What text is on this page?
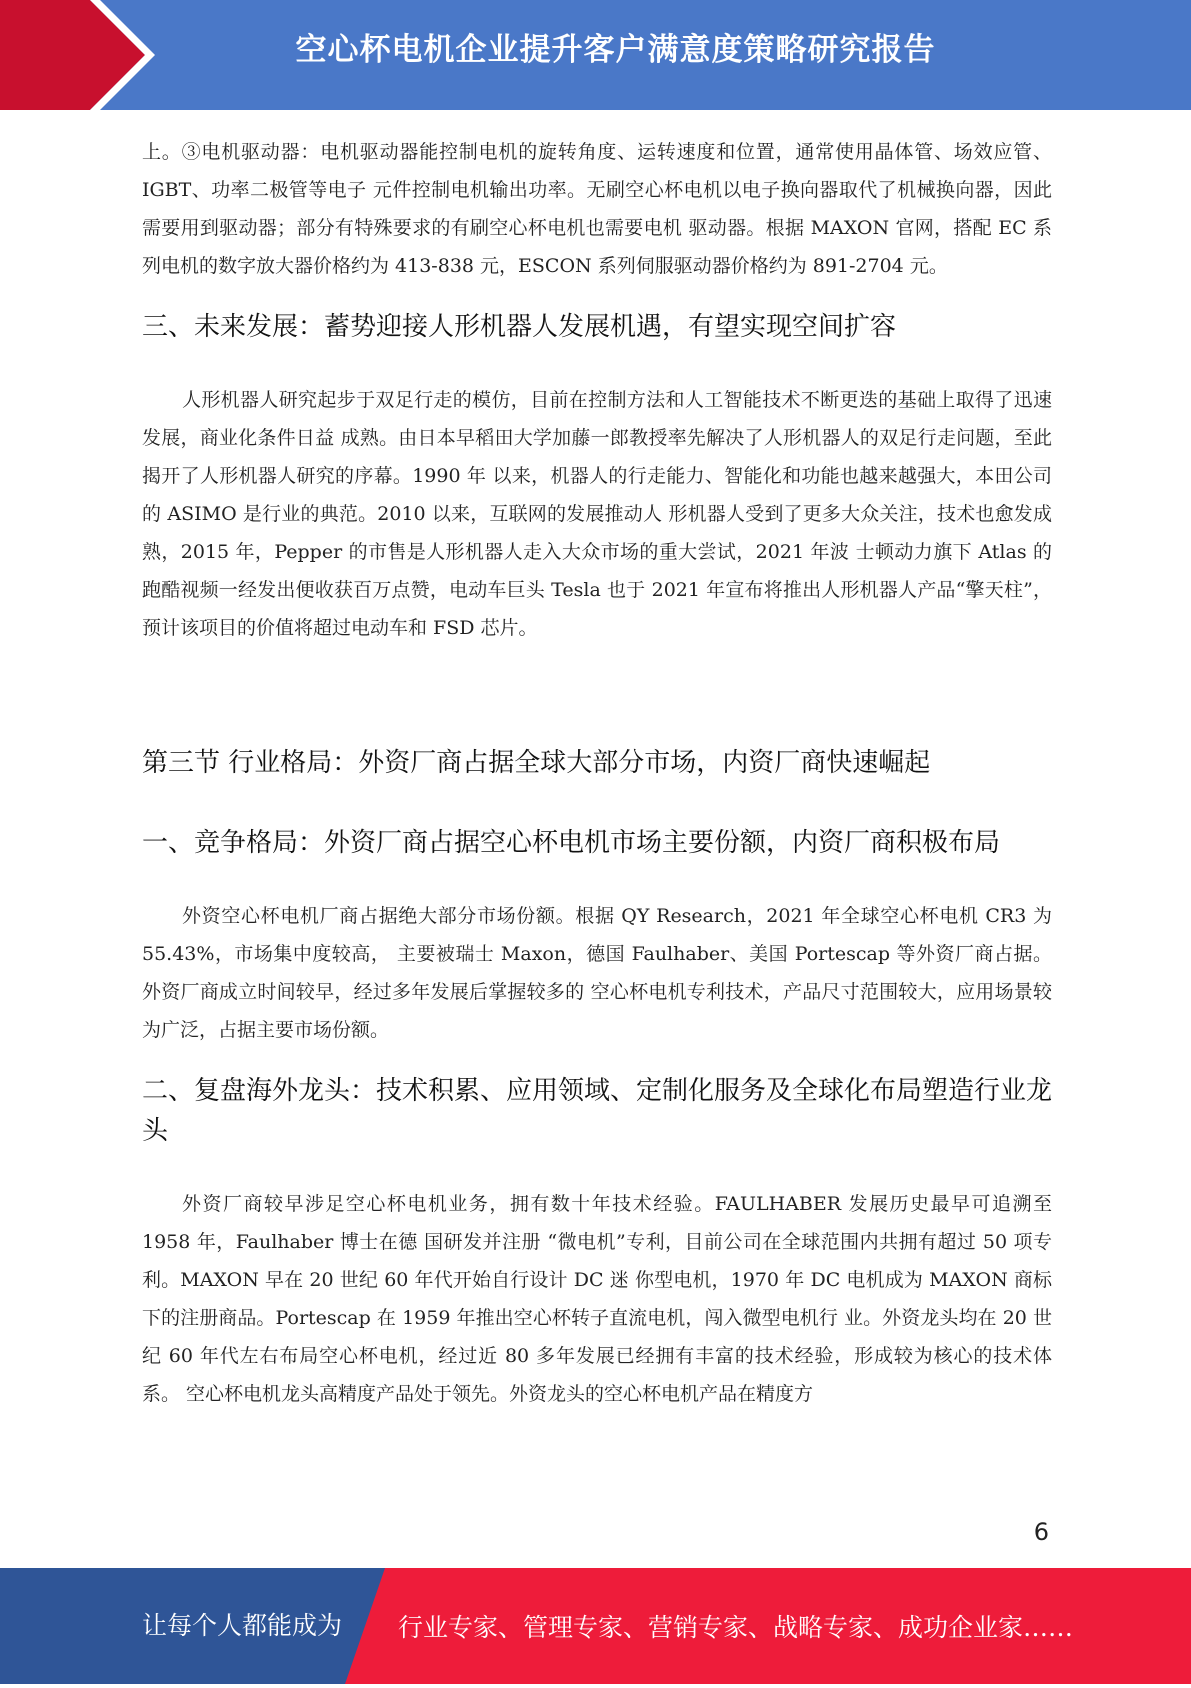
空心杯电机企业提升客户满意度策略研究报告

上。③电机驱动器：电机驱动器能控制电机的旋转角度、运转速度和位置，通常使用晶体管、场效应管、IGBT、功率二极管等电子 元件控制电机输出功率。无刷空心杯电机以电子换向器取代了机械换向器，因此需要用到驱动器；部分有特殊要求的有刷空心杯电机也需要电机 驱动器。根据 MAXON 官网，搭配 EC 系列电机的数字放大器价格约为 413-838 元，ESCON 系列伺服驱动器价格约为 891-2704 元。

三、未来发展：蓄势迎接人形机器人发展机遇，有望实现空间扩容

人形机器人研究起步于双足行走的模仿，目前在控制方法和人工智能技术不断更迭的基础上取得了迅速发展，商业化条件日益 成熟。由日本早稻田大学加藤一郎教授率先解决了人形机器人的双足行走问题，至此揭开了人形机器人研究的序幕。1990 年 以来，机器人的行走能力、智能化和功能也越来越强大，本田公司的 ASIMO 是行业的典范。2010 以来，互联网的发展推动人 形机器人受到了更多大众关注，技术也愈发成熟，2015 年，Pepper 的市售是人形机器人走入大众市场的重大尝试，2021 年波 士顿动力旗下 Atlas 的跑酷视频一经发出便收获百万点赞，电动车巨头 Tesla 也于 2021 年宣布将推出人形机器人产品“擎天柱”， 预计该项目的价值将超过电动车和 FSD 芯片。

第三节 行业格局：外资厂商占据全球大部分市场，内资厂商快速崛起
一、竞争格局：外资厂商占据空心杯电机市场主要份额，内资厂商积极布局

外资空心杯电机厂商占据绝大部分市场份额。根据 QY Research，2021 年全球空心杯电机 CR3 为 55.43%，市场集中度较高， 主要被瑞士 Maxon，德国 Faulhaber、美国 Portescap 等外资厂商占据。外资厂商成立时间较早，经过多年发展后掌握较多的 空心杯电机专利技术，产品尺寸范围较大，应用场景较为广泛，占据主要市场份额。

二、复盘海外龙头：技术积累、应用领域、定制化服务及全球化布局塑造行业龙头

外资厂商较早涉足空心杯电机业务，拥有数十年技术经验。FAULHABER 发展历史最早可追溯至 1958 年，Faulhaber 博士在德 国研发并注册 “微电机”专利，目前公司在全球范围内共拥有超过 50 项专利。MAXON 早在 20 世纪 60 年代开始自行设计 DC 迷 你型电机，1970 年 DC 电机成为 MAXON 商标下的注册商品。Portescap 在 1959 年推出空心杯转子直流电机，闯入微型电机行 业。外资龙头均在 20 世纪 60 年代左右布局空心杯电机，经过近 80 多年发展已经拥有丰富的技术经验，形成较为核心的技术体 系。 空心杯电机龙头高精度产品处于领先。外资龙头的空心杯电机产品在精度方

6
让每个人都能成为 行业专家、管理专家、营销专家、战略专家、成功企业家……
